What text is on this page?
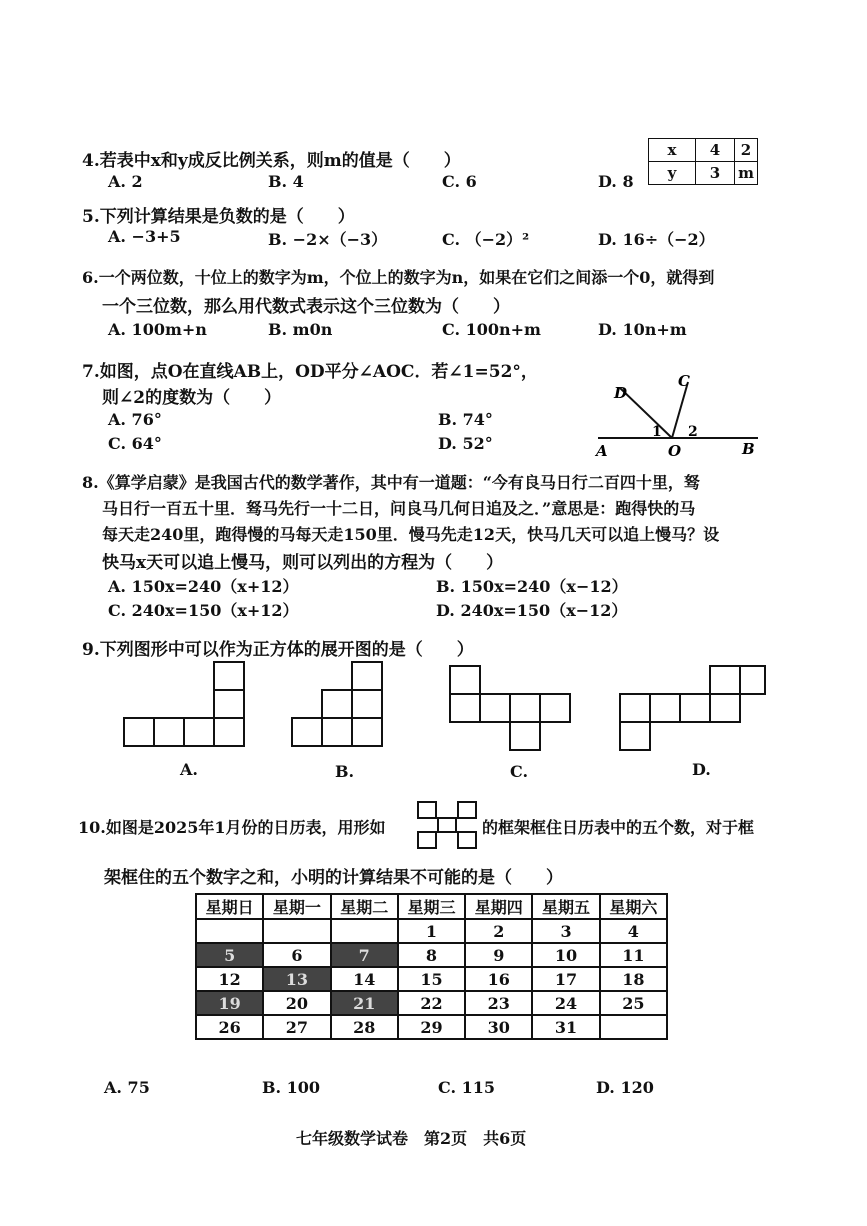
4.若表中x和y成反比例关系，则m的值是（　　）
A. 2	B. 4	C. 6	D. 8
x	4	2
y	3	m
5.下列计算结果是负数的是（　　）
A. −3+5	B. −2×（−3）	C. （−2）²	D. 16÷（−2）
6.一个两位数，十位上的数字为m，个位上的数字为n，如果在它们之间添一个0，就得到
一个三位数，那么用代数式表示这个三位数为（　　）
A. 100m+n	B. m0n	C. 100n+m	D. 10n+m
7.如图，点O在直线AB上，OD平分∠AOC．若∠1=52°，
则∠2的度数为（　　）
A. 76°	B. 74°
C. 64°	D. 52°
D
C
1 2
A	O	B
8.《算学启蒙》是我国古代的数学著作，其中有一道题：“今有良马日行二百四十里，驽
马日行一百五十里．驽马先行一十二日，问良马几何日追及之．”意思是：跑得快的马
每天走240里，跑得慢的马每天走150里．慢马先走12天，快马几天可以追上慢马？设
快马x天可以追上慢马，则可以列出的方程为（　　）
A. 150x=240（x+12）	B. 150x=240（x−12）
C. 240x=150（x+12）	D. 240x=150（x−12）
9.下列图形中可以作为正方体的展开图的是（　　）
A.	B.	C.	D.
10.如图是2025年1月份的日历表，用形如	的框架框住日历表中的五个数，对于框
架框住的五个数字之和，小明的计算结果不可能的是（　　）
星期日	星期一	星期二	星期三	星期四	星期五	星期六
			1	2	3	4
5	6	7	8	9	10	11
12	13	14	15	16	17	18
19	20	21	22	23	24	25
26	27	28	29	30	31	
A. 75	B. 100	C. 115	D. 120
七年级数学试卷　第2页　共6页
